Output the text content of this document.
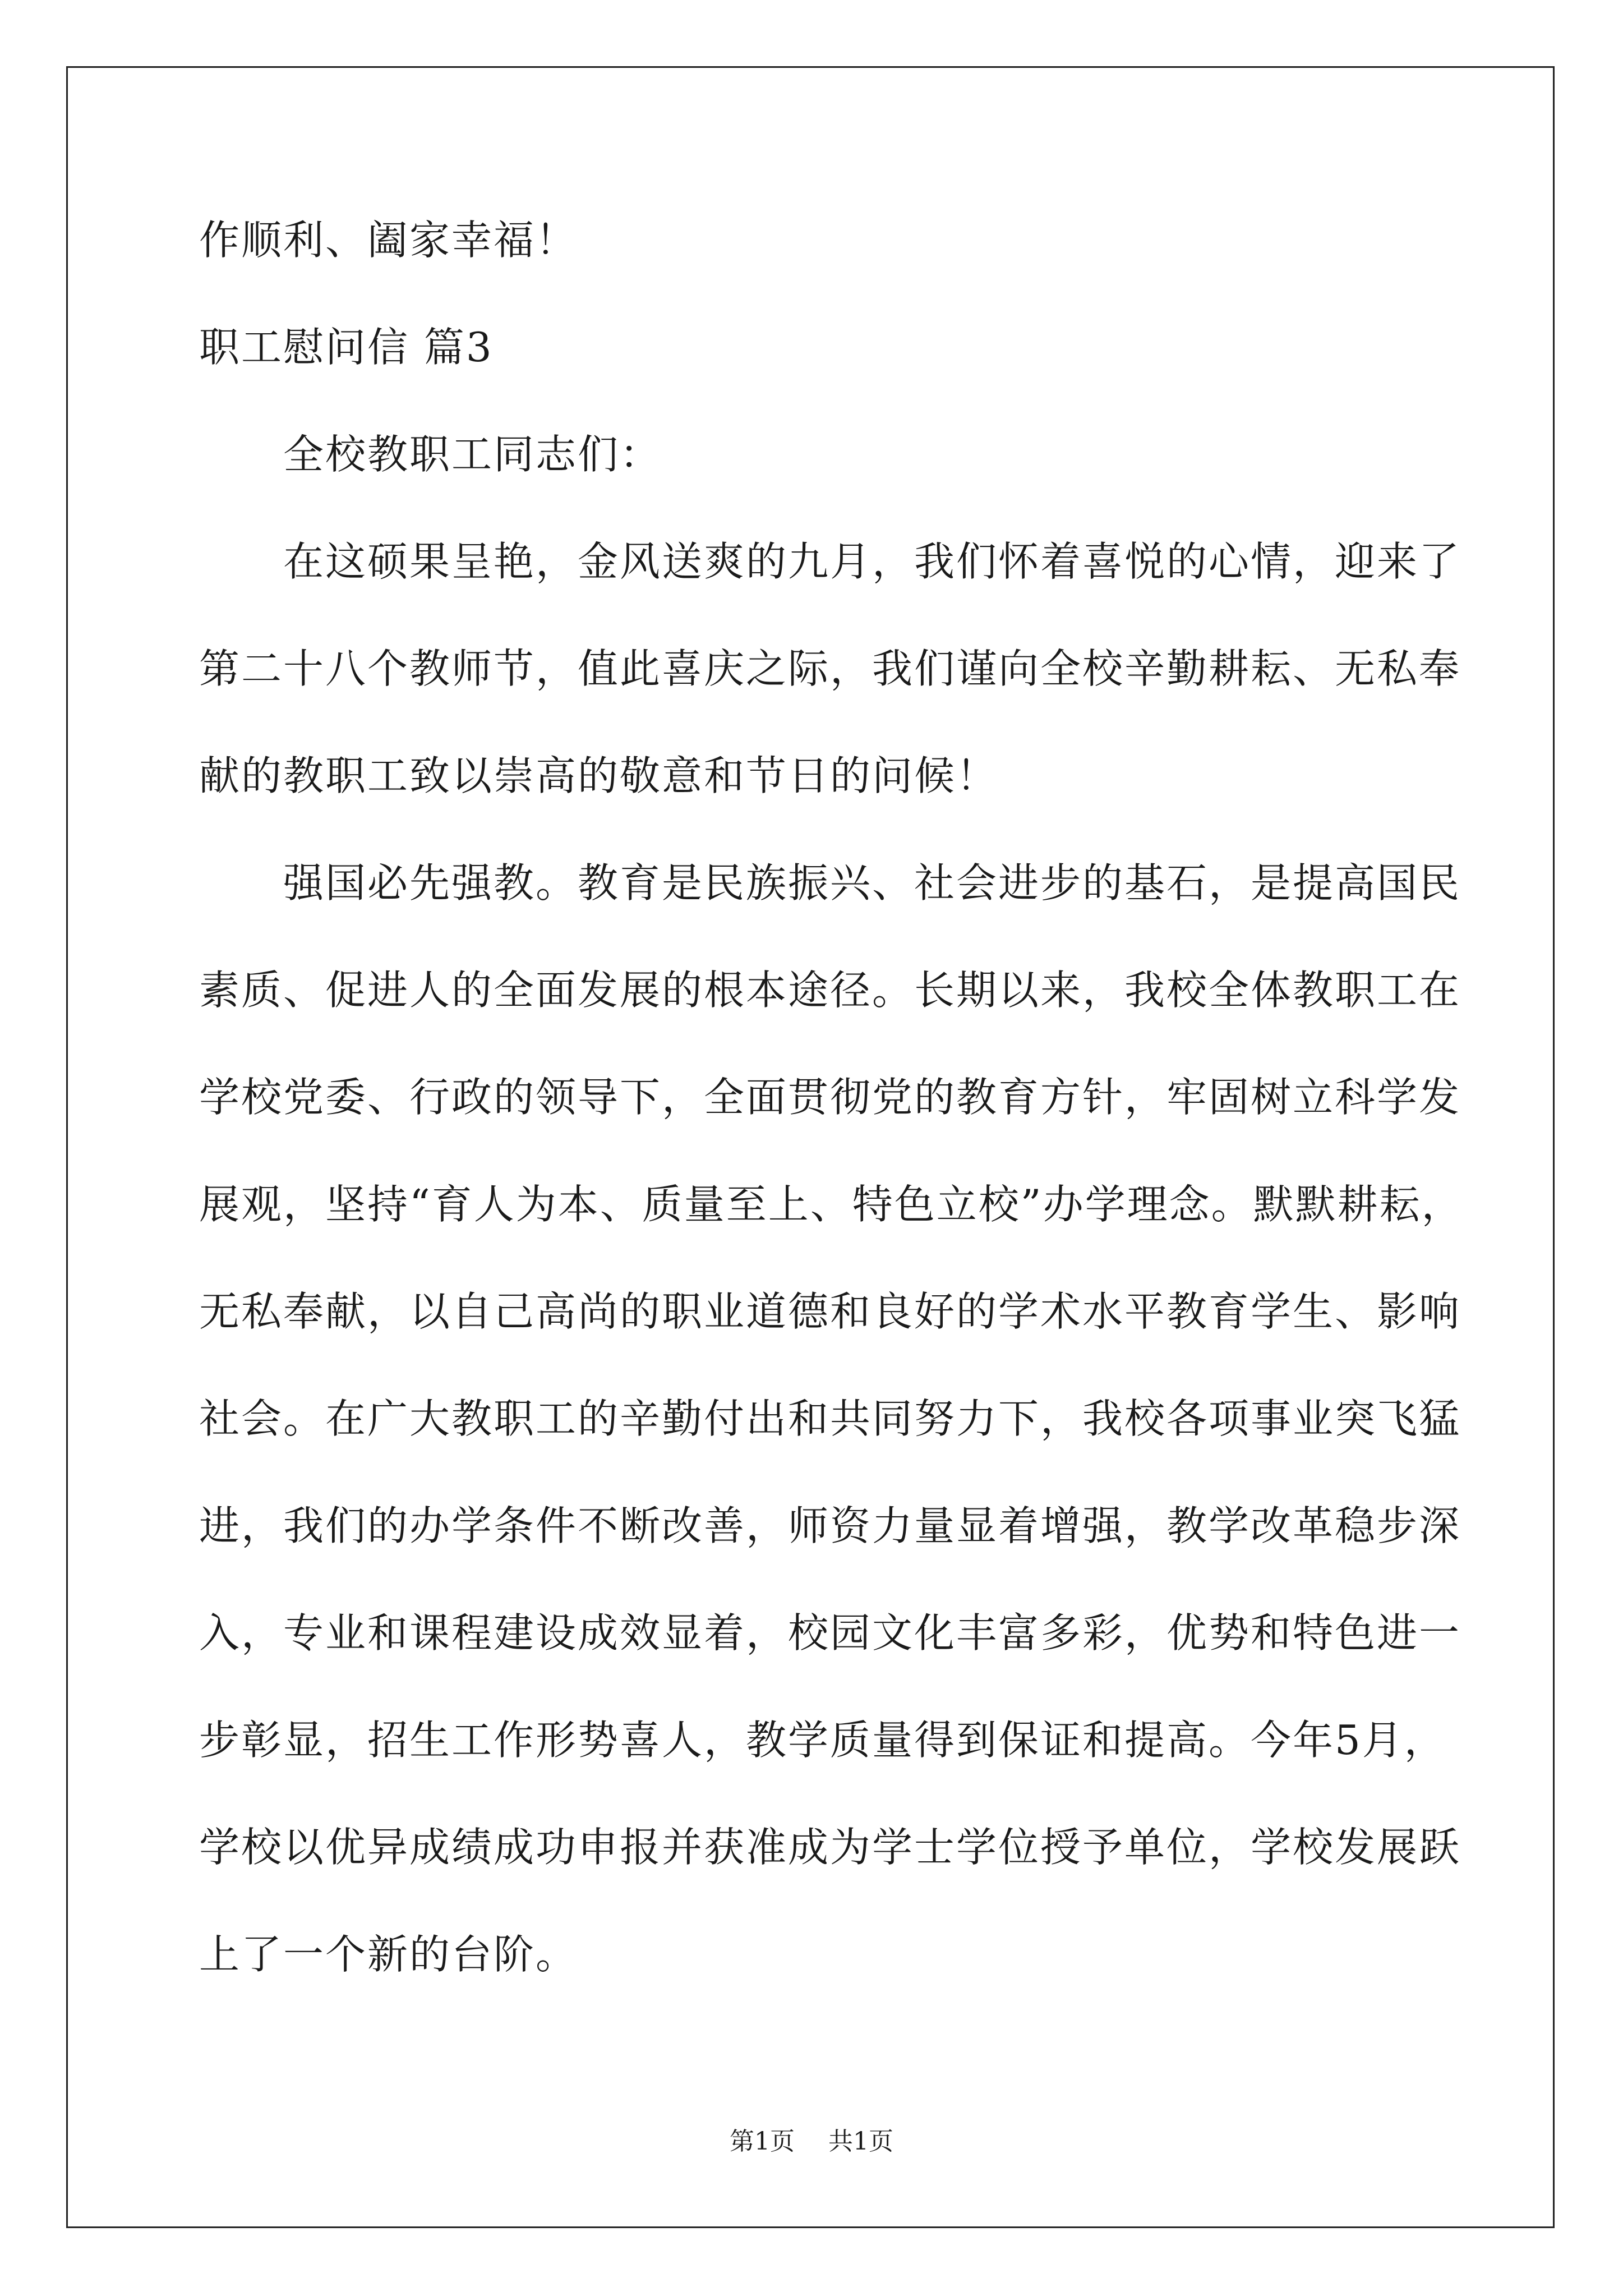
作顺利、阖家幸福！
职工慰问信 篇3
　　全校教职工同志们：
　　在这硕果呈艳，金风送爽的九月，我们怀着喜悦的心情，迎来了
第二十八个教师节，值此喜庆之际，我们谨向全校辛勤耕耘、无私奉
献的教职工致以崇高的敬意和节日的问候！
　　强国必先强教。教育是民族振兴、社会进步的基石，是提高国民
素质、促进人的全面发展的根本途径。长期以来，我校全体教职工在
学校党委、行政的领导下，全面贯彻党的教育方针，牢固树立科学发
展观，坚持“育人为本、质量至上、特色立校”办学理念。默默耕耘，
无私奉献，以自己高尚的职业道德和良好的学术水平教育学生、影响
社会。在广大教职工的辛勤付出和共同努力下，我校各项事业突飞猛
进，我们的办学条件不断改善，师资力量显着增强，教学改革稳步深
入，专业和课程建设成效显着，校园文化丰富多彩，优势和特色进一
步彰显，招生工作形势喜人，教学质量得到保证和提高。今年5月，
学校以优异成绩成功申报并获准成为学士学位授予单位，学校发展跃
上了一个新的台阶。
第1页 共1页
